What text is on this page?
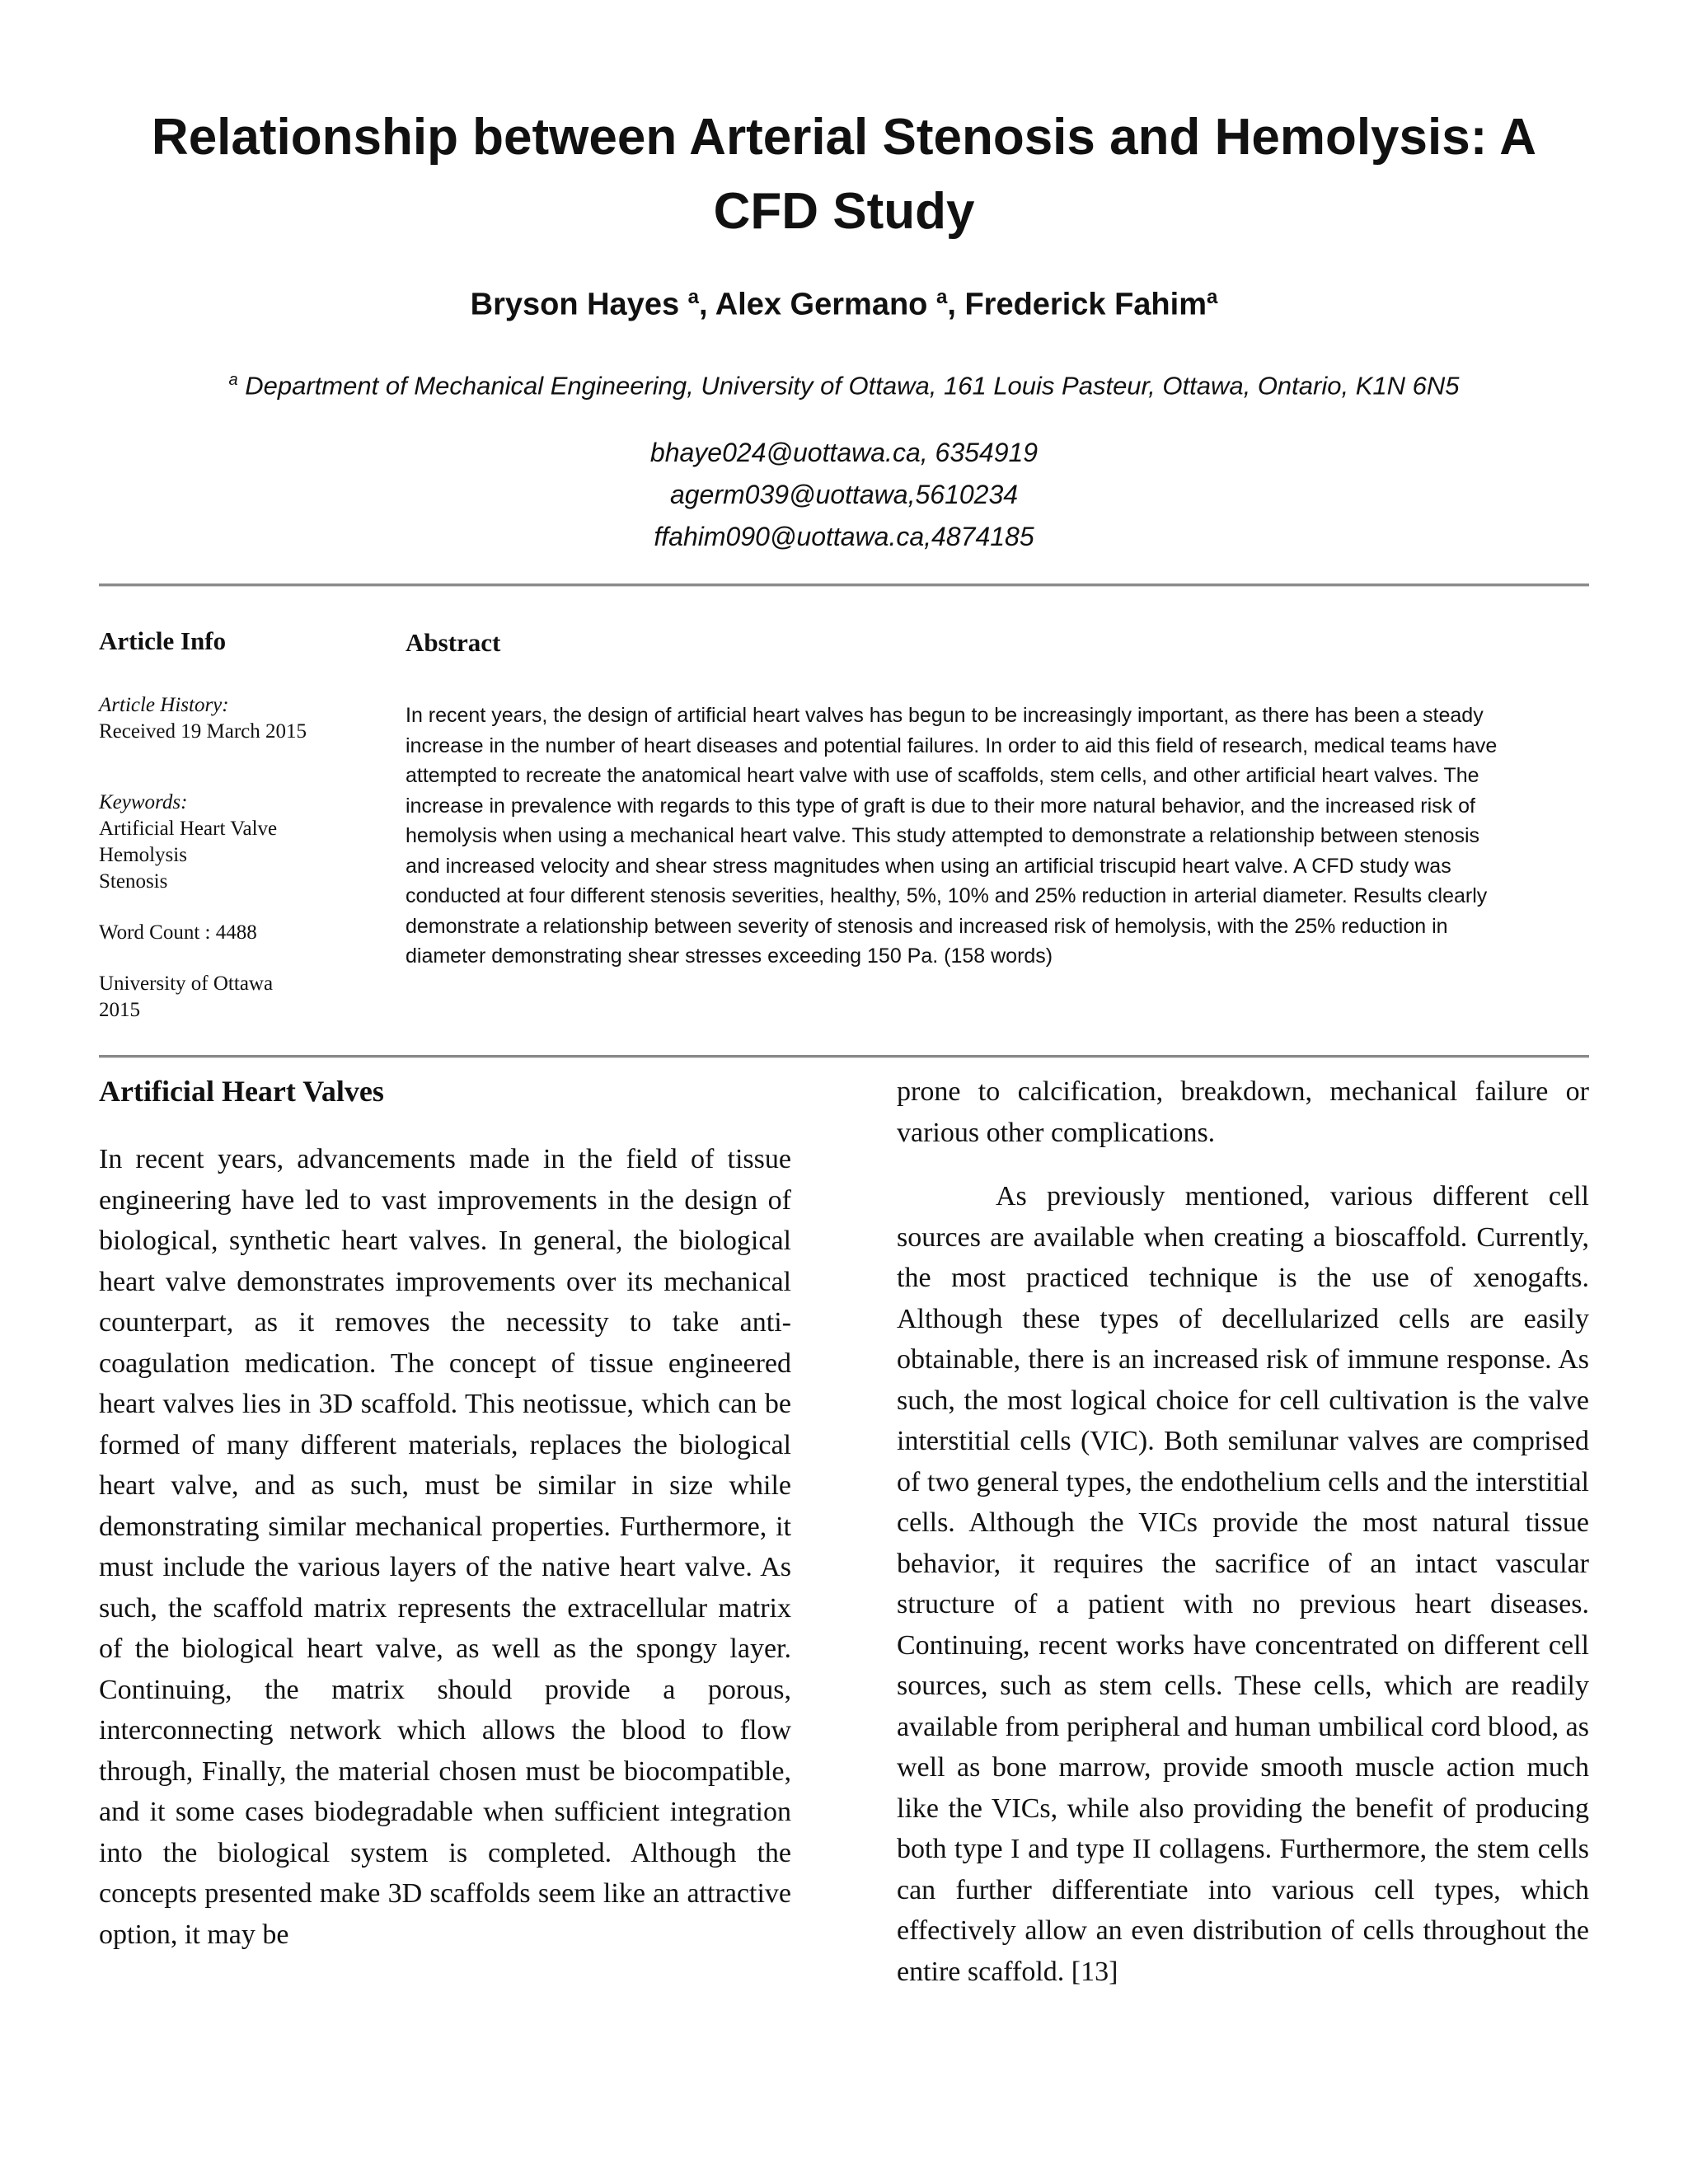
Relationship between Arterial Stenosis and Hemolysis: A CFD Study
Bryson Hayes $^a$, Alex Germano $^a$, Frederick Fahim$^a$
$^a$ Department of Mechanical Engineering, University of Ottawa, 161 Louis Pasteur, Ottawa, Ontario, K1N 6N5
bhaye024@uottawa.ca, 6354919
agerm039@uottawa,5610234
ffahim090@uottawa.ca,4874185
Article Info
Article History:
Received 19 March 2015
Keywords:
Artificial Heart Valve
Hemolysis
Stenosis
Word Count : 4488
University of Ottawa
2015
Abstract
In recent years, the design of artificial heart valves has begun to be increasingly important, as there has been a steady increase in the number of heart diseases and potential failures. In order to aid this field of research, medical teams have attempted to recreate the anatomical heart valve with use of scaffolds, stem cells, and other artificial heart valves. The increase in prevalence with regards to this type of graft is due to their more natural behavior, and the increased risk of hemolysis when using a mechanical heart valve. This study attempted to demonstrate a relationship between stenosis and increased velocity and shear stress magnitudes when using an artificial triscupid heart valve. A CFD study was conducted at four different stenosis severities, healthy, 5%, 10% and 25% reduction in arterial diameter. Results clearly demonstrate a relationship between severity of stenosis and increased risk of hemolysis, with the 25% reduction in diameter demonstrating shear stresses exceeding 150 Pa. (158 words)
Artificial Heart Valves

In recent years, advancements made in the field of tissue engineering have led to vast improvements in the design of biological, synthetic heart valves. In general, the biological heart valve demonstrates improvements over its mechanical counterpart, as it removes the necessity to take anti-coagulation medication. The concept of tissue engineered heart valves lies in 3D scaffold. This neotissue, which can be formed of many different materials, replaces the biological heart valve, and as such, must be similar in size while demonstrating similar mechanical properties. Furthermore, it must include the various layers of the native heart valve. As such, the scaffold matrix represents the extracellular matrix of the biological heart valve, as well as the spongy layer. Continuing, the matrix should provide a porous, interconnecting network which allows the blood to flow through, Finally, the material chosen must be biocompatible, and it some cases biodegradable when sufficient integration into the biological system is completed. Although the concepts presented make 3D scaffolds seem like an attractive option, it may be

prone to calcification, breakdown, mechanical failure or various other complications.

As previously mentioned, various different cell sources are available when creating a bioscaffold. Currently, the most practiced technique is the use of xenogafts. Although these types of decellularized cells are easily obtainable, there is an increased risk of immune response. As such, the most logical choice for cell cultivation is the valve interstitial cells (VIC). Both semilunar valves are comprised of two general types, the endothelium cells and the interstitial cells. Although the VICs provide the most natural tissue behavior, it requires the sacrifice of an intact vascular structure of a patient with no previous heart diseases. Continuing, recent works have concentrated on different cell sources, such as stem cells. These cells, which are readily available from peripheral and human umbilical cord blood, as well as bone marrow, provide smooth muscle action much like the VICs, while also providing the benefit of producing both type I and type II collagens. Furthermore, the stem cells can further differentiate into various cell types, which effectively allow an even distribution of cells throughout the entire scaffold. [13]
